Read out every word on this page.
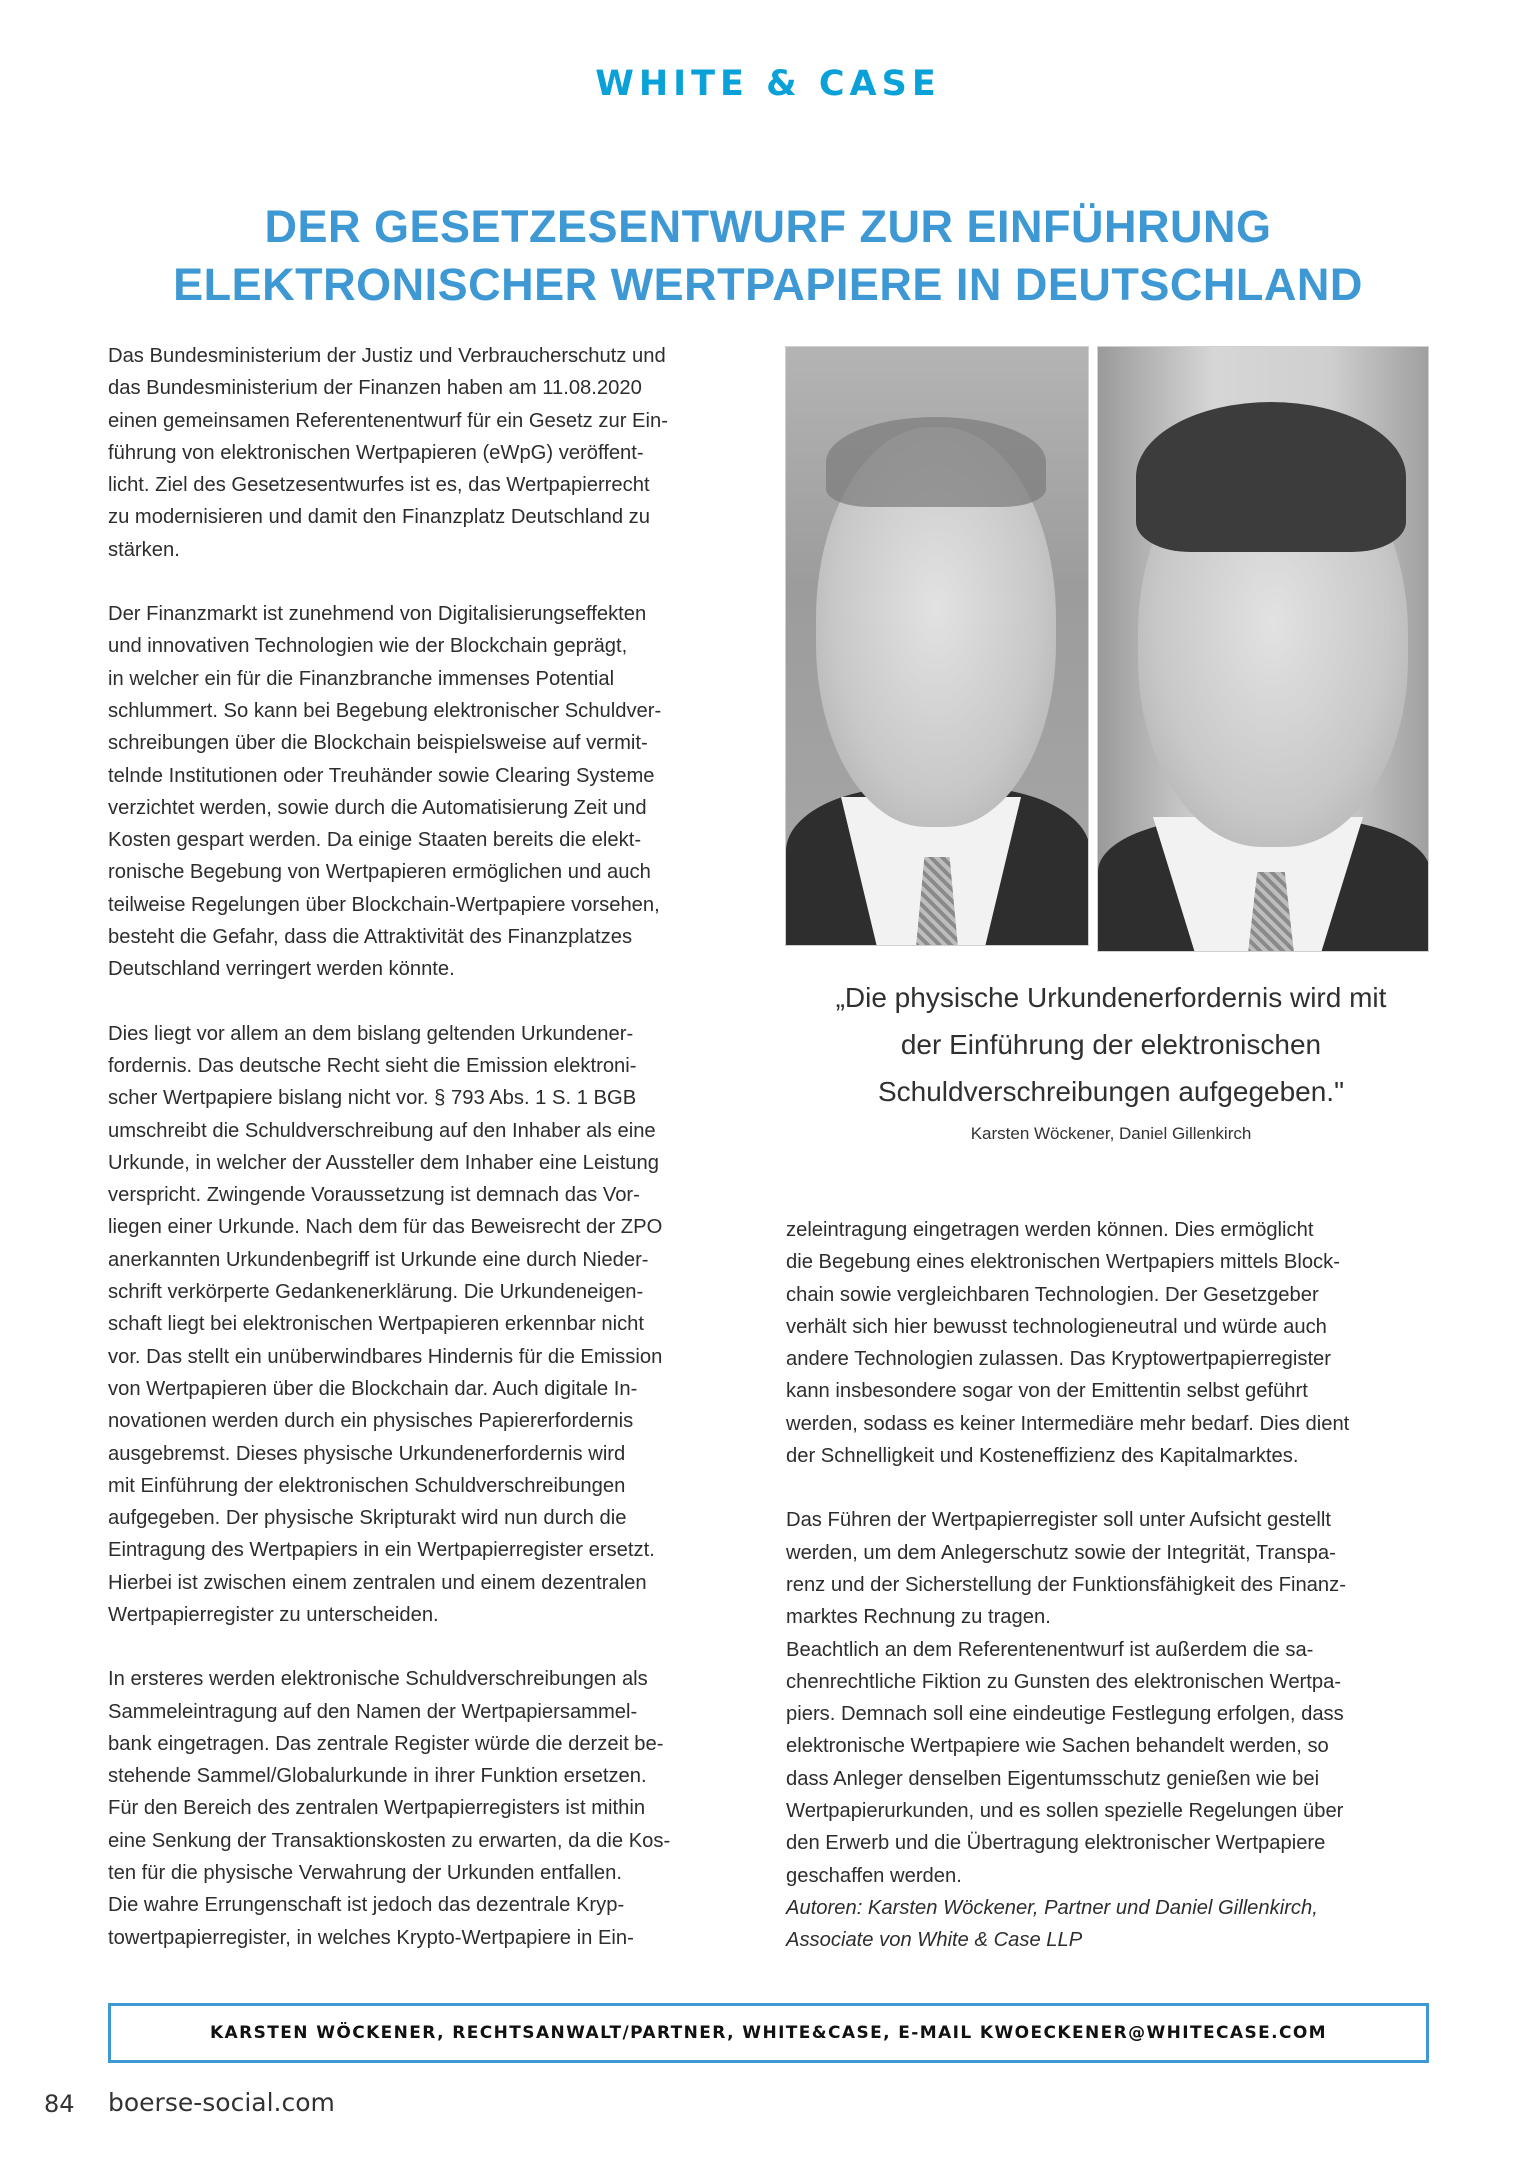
WHITE & CASE
DER GESETZESENTWURF ZUR EINFÜHRUNG
ELEKTRONISCHER WERTPAPIERE IN DEUTSCHLAND
Das Bundesministerium der Justiz und Verbraucherschutz und
das Bundesministerium der Finanzen haben am 11.08.2020
einen gemeinsamen Referentenentwurf für ein Gesetz zur Ein-
führung von elektronischen Wertpapieren (eWpG) veröffent-
licht. Ziel des Gesetzesentwurfes ist es, das Wertpapierrecht
zu modernisieren und damit den Finanzplatz Deutschland zu
stärken.
Der Finanzmarkt ist zunehmend von Digitalisierungseffekten
und innovativen Technologien wie der Blockchain geprägt,
in welcher ein für die Finanzbranche immenses Potential
schlummert. So kann bei Begebung elektronischer Schuldver-
schreibungen über die Blockchain beispielsweise auf vermit-
telnde Institutionen oder Treuhänder sowie Clearing Systeme
verzichtet werden, sowie durch die Automatisierung Zeit und
Kosten gespart werden. Da einige Staaten bereits die elekt-
ronische Begebung von Wertpapieren ermöglichen und auch
teilweise Regelungen über Blockchain-Wertpapiere vorsehen,
besteht die Gefahr, dass die Attraktivität des Finanzplatzes
Deutschland verringert werden könnte.
Dies liegt vor allem an dem bislang geltenden Urkundener-
fordernis. Das deutsche Recht sieht die Emission elektroni-
scher Wertpapiere bislang nicht vor. § 793 Abs. 1 S. 1 BGB
umschreibt die Schuldverschreibung auf den Inhaber als eine
Urkunde, in welcher der Aussteller dem Inhaber eine Leistung
verspricht. Zwingende Voraussetzung ist demnach das Vor-
liegen einer Urkunde. Nach dem für das Beweisrecht der ZPO
anerkannten Urkundenbegriff ist Urkunde eine durch Nieder-
schrift verkörperte Gedankenerklärung. Die Urkundeneigen-
schaft liegt bei elektronischen Wertpapieren erkennbar nicht
vor. Das stellt ein unüberwindbares Hindernis für die Emission
von Wertpapieren über die Blockchain dar. Auch digitale In-
novationen werden durch ein physisches Papiererfordernis
ausgebremst. Dieses physische Urkundenerfordernis wird
mit Einführung der elektronischen Schuldverschreibungen
aufgegeben. Der physische Skripturakt wird nun durch die
Eintragung des Wertpapiers in ein Wertpapierregister ersetzt.
Hierbei ist zwischen einem zentralen und einem dezentralen
Wertpapierregister zu unterscheiden.
In ersteres werden elektronische Schuldverschreibungen als
Sammeleintragung auf den Namen der Wertpapiersammel-
bank eingetragen. Das zentrale Register würde die derzeit be-
stehende Sammel/Globalurkunde in ihrer Funktion ersetzen.
Für den Bereich des zentralen Wertpapierregisters ist mithin
eine Senkung der Transaktionskosten zu erwarten, da die Kos-
ten für die physische Verwahrung der Urkunden entfallen.
Die wahre Errungenschaft ist jedoch das dezentrale Kryp-
towertpapierregister, in welches Krypto-Wertpapiere in Ein-
„Die physische Urkundenerfordernis wird mit
der Einführung der elektronischen
Schuldverschreibungen aufgegeben."
Karsten Wöckener, Daniel Gillenkirch
zeleintragung eingetragen werden können. Dies ermöglicht
die Begebung eines elektronischen Wertpapiers mittels Block-
chain sowie vergleichbaren Technologien. Der Gesetzgeber
verhält sich hier bewusst technologieneutral und würde auch
andere Technologien zulassen. Das Kryptowertpapierregister
kann insbesondere sogar von der Emittentin selbst geführt
werden, sodass es keiner Intermediäre mehr bedarf. Dies dient
der Schnelligkeit und Kosteneffizienz des Kapitalmarktes.
Das Führen der Wertpapierregister soll unter Aufsicht gestellt
werden, um dem Anlegerschutz sowie der Integrität, Transpa-
renz und der Sicherstellung der Funktionsfähigkeit des Finanz-
marktes Rechnung zu tragen.
Beachtlich an dem Referentenentwurf ist außerdem die sa-
chenrechtliche Fiktion zu Gunsten des elektronischen Wertpa-
piers. Demnach soll eine eindeutige Festlegung erfolgen, dass
elektronische Wertpapiere wie Sachen behandelt werden, so
dass Anleger denselben Eigentumsschutz genießen wie bei
Wertpapierurkunden, und es sollen spezielle Regelungen über
den Erwerb und die Übertragung elektronischer Wertpapiere
geschaffen werden.
Autoren: Karsten Wöckener, Partner und Daniel Gillenkirch,
Associate von White & Case LLP
KARSTEN WÖCKENER, RECHTSANWALT/PARTNER, WHITE&CASE, E-MAIL KWOECKENER@WHITECASE.COM
84 boerse-social.com
